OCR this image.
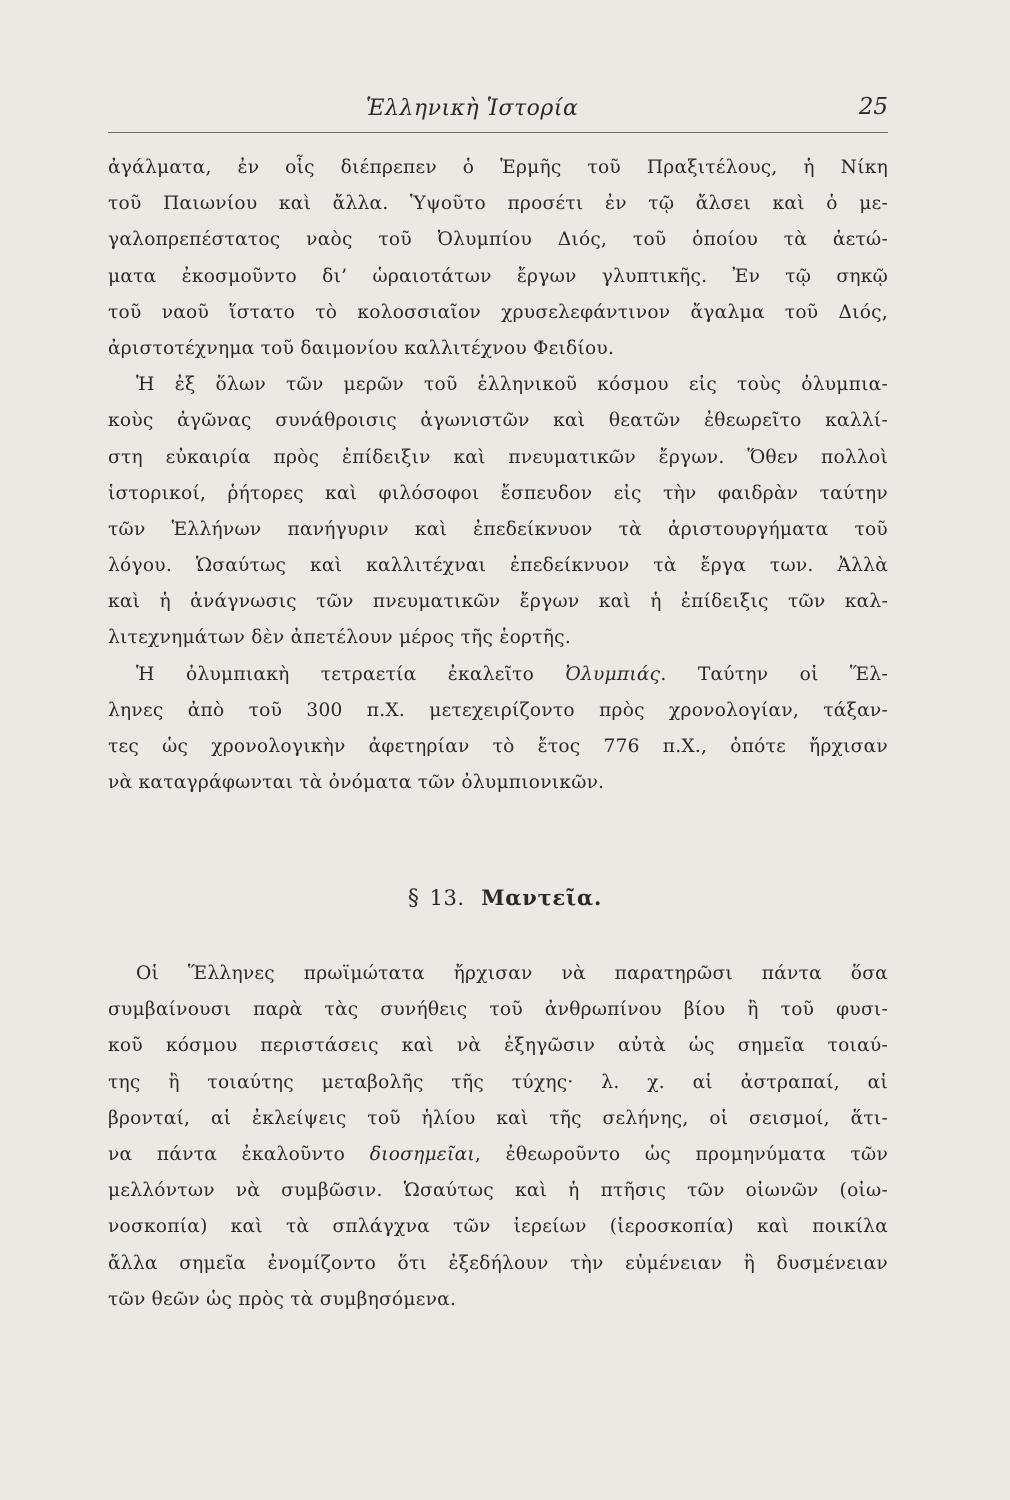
Ἑλληνικὴ Ἱστορία	25
ἀγάλματα, ἐν οἷς διέπρεπεν ὁ Ἑρμῆς τοῦ Πραξιτέλους, ἡ Νίκη
τοῦ Παιωνίου καὶ ἄλλα. Ὑψοῦτο προσέτι ἐν τῷ ἄλσει καὶ ὁ με-
γαλοπρεπέστατος ναὸς τοῦ Ὀλυμπίου Διός, τοῦ ὁποίου τὰ ἀετώ-
ματα ἐκοσμοῦντο δι’ ὡραιοτάτων ἔργων γλυπτικῆς. Ἐν τῷ σηκῷ
τοῦ ναοῦ ἵστατο τὸ κολοσσιαῖον χρυσελεφάντινον ἄγαλμα τοῦ Διός,
ἀριστοτέχνημα τοῦ δαιμονίου καλλιτέχνου Φειδίου.
Ἡ ἐξ ὅλων τῶν μερῶν τοῦ ἑλληνικοῦ κόσμου εἰς τοὺς ὀλυμπια-
κοὺς ἀγῶνας συνάθροισις ἀγωνιστῶν καὶ θεατῶν ἐθεωρεῖτο καλλί-
στη εὐκαιρία πρὸς ἐπίδειξιν καὶ πνευματικῶν ἔργων. Ὅθεν πολλοὶ
ἱστορικοί, ῥήτορες καὶ φιλόσοφοι ἔσπευδον εἰς τὴν φαιδρὰν ταύτην
τῶν Ἑλλήνων πανήγυριν καὶ ἐπεδείκνυον τὰ ἀριστουργήματα τοῦ
λόγου. Ὡσαύτως καὶ καλλιτέχναι ἐπεδείκνυον τὰ ἔργα των. Ἀλλὰ
καὶ ἡ ἀνάγνωσις τῶν πνευματικῶν ἔργων καὶ ἡ ἐπίδειξις τῶν καλ-
λιτεχνημάτων δὲν ἀπετέλουν μέρος τῆς ἑορτῆς.
Ἡ ὀλυμπιακὴ τετραετία ἐκαλεῖτο Ὀλυμπιάς. Ταύτην οἱ Ἕλ-
ληνες ἀπὸ τοῦ 300 π.Χ. μετεχειρίζοντο πρὸς χρονολογίαν, τάξαν-
τες ὡς χρονολογικὴν ἀφετηρίαν τὸ ἔτος 776 π.Χ., ὁπότε ἤρχισαν
νὰ καταγράφωνται τὰ ὀνόματα τῶν ὀλυμπιονικῶν.
§ 13. Μαντεῖα.
Οἱ Ἕλληνες πρωϊμώτατα ἤρχισαν νὰ παρατηρῶσι πάντα ὅσα
συμβαίνουσι παρὰ τὰς συνήθεις τοῦ ἀνθρωπίνου βίου ἢ τοῦ φυσι-
κοῦ κόσμου περιστάσεις καὶ νὰ ἐξηγῶσιν αὐτὰ ὡς σημεῖα τοιαύ-
της ἢ τοιαύτης μεταβολῆς τῆς τύχης· λ. χ. αἱ ἀστραπαί, αἱ
βρονταί, αἱ ἐκλείψεις τοῦ ἡλίου καὶ τῆς σελήνης, οἱ σεισμοί, ἅτι-
να πάντα ἐκαλοῦντο διοσημεῖαι, ἐθεωροῦντο ὡς προμηνύματα τῶν
μελλόντων νὰ συμβῶσιν. Ὡσαύτως καὶ ἡ πτῆσις τῶν οἰωνῶν (οἰω-
νοσκοπία) καὶ τὰ σπλάγχνα τῶν ἱερείων (ἱεροσκοπία) καὶ ποικίλα
ἄλλα σημεῖα ἐνομίζοντο ὅτι ἐξεδήλουν τὴν εὐμένειαν ἢ δυσμένειαν
τῶν θεῶν ὡς πρὸς τὰ συμβησόμενα.
